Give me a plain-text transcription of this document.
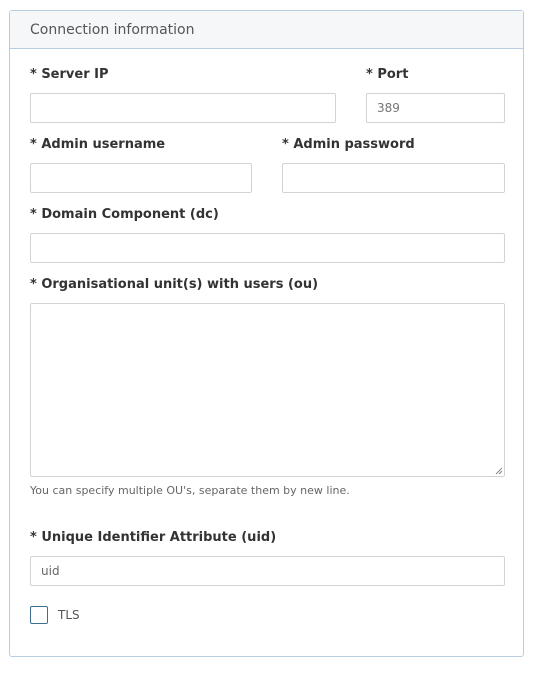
Connection information
* Server IP	* Port
389
* Admin username	* Admin password
* Domain Component (dc)
* Organisational unit(s) with users (ou)
You can specify multiple OU's, separate them by new line.
* Unique Identifier Attribute (uid)
uid
TLS
